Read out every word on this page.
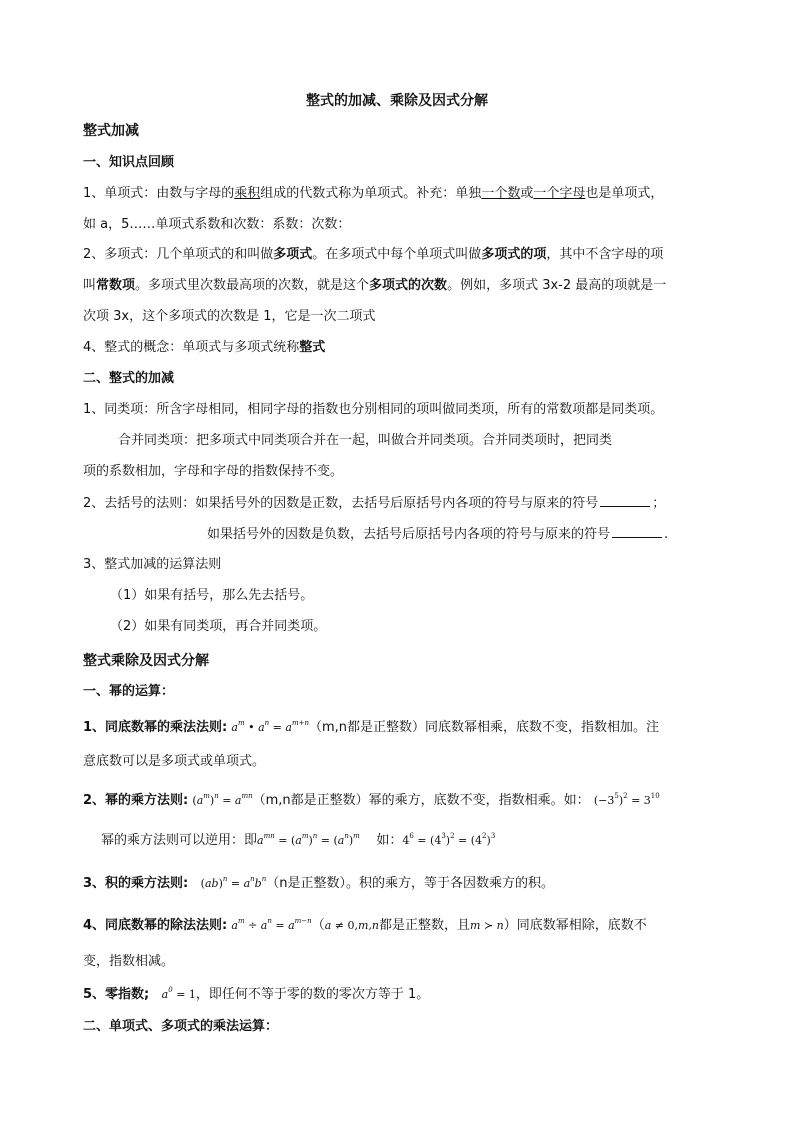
整式的加减、乘除及因式分解
整式加减
一、知识点回顾
1、单项式：由数与字母的乘积组成的代数式称为单项式。补充：单独一个数或一个字母也是单项式，
如 a，5……单项式系数和次数：系数：次数：
2、多项式：几个单项式的和叫做多项式。在多项式中每个单项式叫做多项式的项，其中不含字母的项
叫常数项。多项式里次数最高项的次数，就是这个多项式的次数。例如，多项式 3x-2 最高的项就是一
次项 3x，这个多项式的次数是 1，它是一次二项式
4、整式的概念：单项式与多项式统称整式
二、整式的加减
1、同类项：所含字母相同，相同字母的指数也分别相同的项叫做同类项，所有的常数项都是同类项。
合并同类项：把多项式中同类项合并在一起，叫做合并同类项。合并同类项时，把同类
项的系数相加，字母和字母的指数保持不变。
2、去括号的法则：如果括号外的因数是正数，去括号后原括号内各项的符号与原来的符号	；
如果括号外的因数是负数，去括号后原括号内各项的符号与原来的符号	.
3、整式加减的运算法则
（1）如果有括号，那么先去括号。
（2）如果有同类项，再合并同类项。
整式乘除及因式分解
一、幂的运算：
1、同底数幂的乘法法则: $a^m$ • $a^n = a^{m+n}(m,n$都是正整数）同底数幂相乘，底数不变，指数相加。注
意底数可以是多项式或单项式。
2、幂的乘方法则: $(a^m)^n = a^{mn}(m,n$都是正整数）幂的乘方，底数不变，指数相乘。如： $(-3^5)^2 = 3^{10}$
幂的乘方法则可以逆用：即$a^{mn} = (a^m)^n = (a^n)^m$ 如：$4^6 = (4^3)^2 = (4^2)^3$
3、积的乘方法则: $(ab)^n = a^nb^n(n$是正整数）。积的乘方，等于各因数乘方的积。
4、同底数幂的除法法则: $a^m \div a^n = a^{m-n}(a \ne 0,m,n$都是正整数，且m ≻ n）同底数幂相除，底数不
变，指数相减。
5、零指数; $a^0 = 1$，即任何不等于零的数的零次方等于 1。
二、单项式、多项式的乘法运算：
